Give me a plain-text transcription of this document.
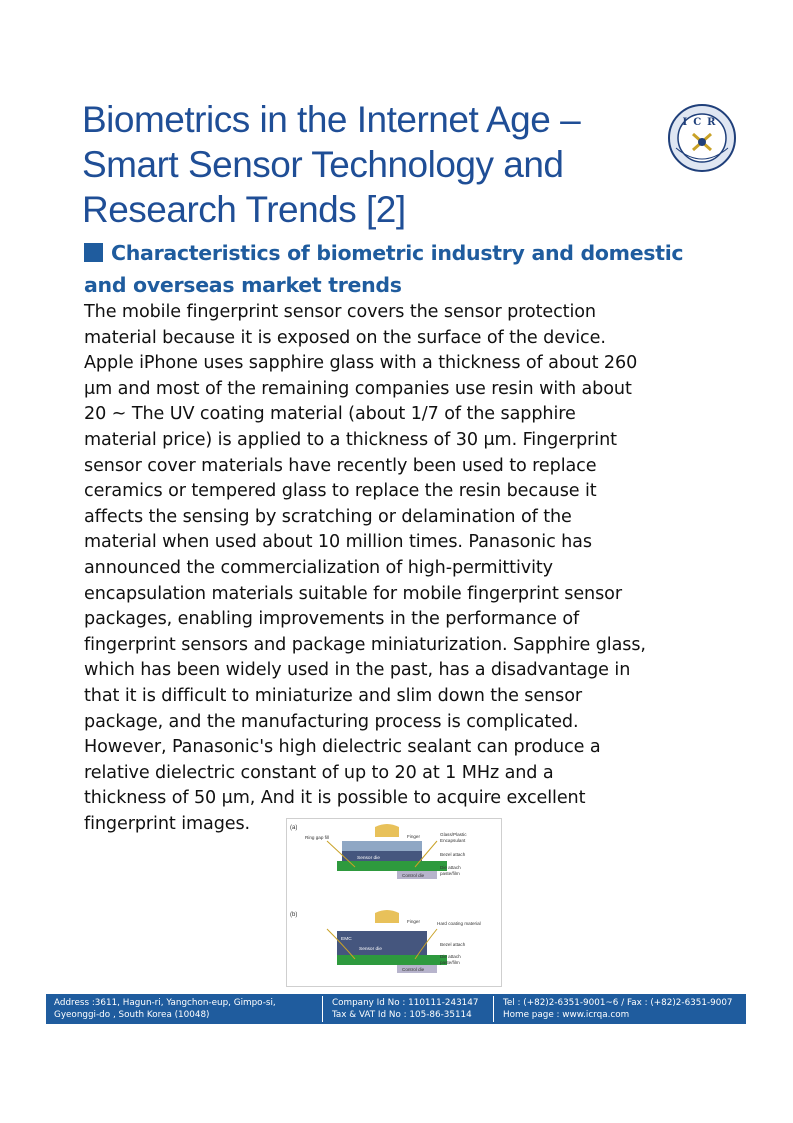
Biometrics in the Internet Age –
Smart Sensor Technology and
Research Trends [2]
ICR
Characteristics of biometric industry and domestic
and overseas market trends
The mobile fingerprint sensor covers the sensor protection
material because it is exposed on the surface of the device.
Apple iPhone uses sapphire glass with a thickness of about 260
μm and most of the remaining companies use resin with about
20 ~ The UV coating material (about 1/7 of the sapphire
material price) is applied to a thickness of 30 μm. Fingerprint
sensor cover materials have recently been used to replace
ceramics or tempered glass to replace the resin because it
affects the sensing by scratching or delamination of the
material when used about 10 million times. Panasonic has
announced the commercialization of high-permittivity
encapsulation materials suitable for mobile fingerprint sensor
packages, enabling improvements in the performance of
fingerprint sensors and package miniaturization. Sapphire glass,
which has been widely used in the past, has a disadvantage in
that it is difficult to miniaturize and slim down the sensor
package, and the manufacturing process is complicated.
However, Panasonic's high dielectric sealant can produce a
relative dielectric constant of up to 20 at 1 MHz and a
thickness of 50 μm, And it is possible to acquire excellent
fingerprint images.	(a)
Ring gap fill	Finger	Glass/Plastic
Encapsulant
Sensor die
Bezel attach
Die attach
paste/film
Control die
(b)
Finger	Hard coating material
EMC
Sensor die
Bezel attach
Die attach
paste/film
Control die
Address :3611, Hagun-ri, Yangchon-eup, Gimpo-si,
Gyeonggi-do , South Korea (10048)
Company Id No : 110111-243147
Tax & VAT Id No : 105-86-35114
Tel : (+82)2-6351-9001~6 / Fax : (+82)2-6351-9007
Home page : www.icrqa.com
